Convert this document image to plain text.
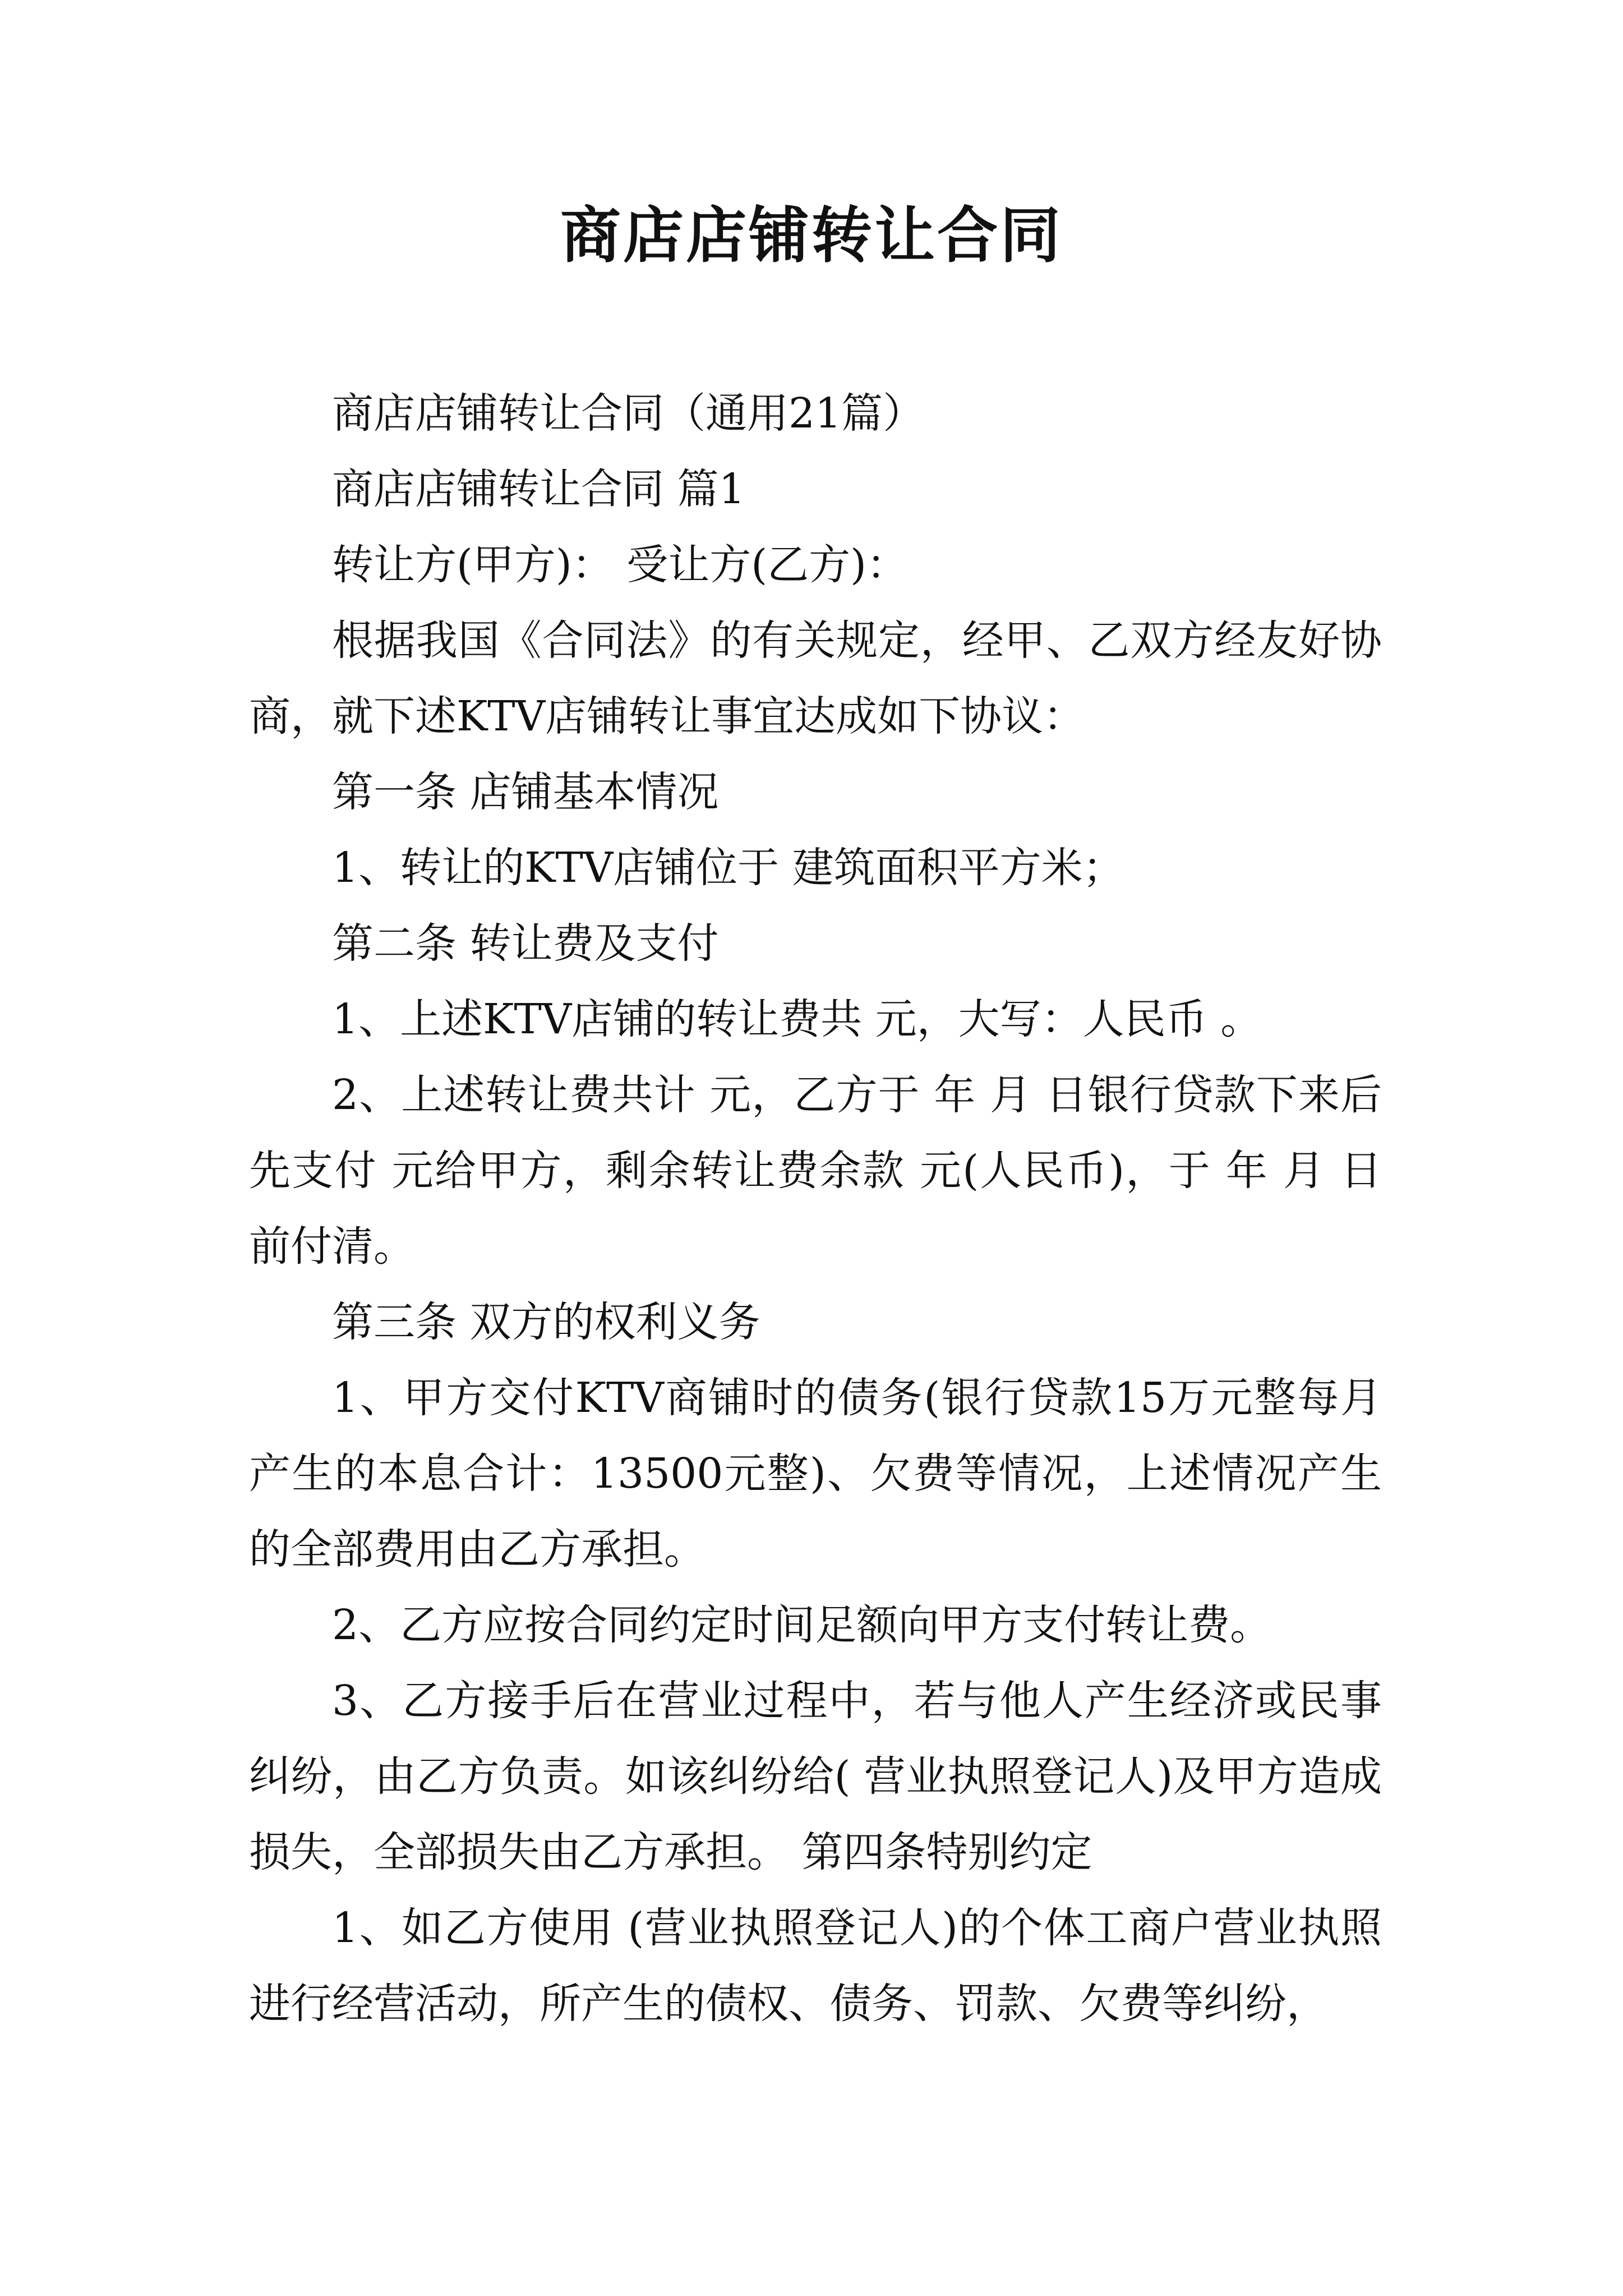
商店店铺转让合同

商店店铺转让合同（通用21篇）

商店店铺转让合同 篇1

转让方(甲方)： 受让方(乙方)：

根据我国《合同法》的有关规定，经甲、乙双方经友好协商，就下述KTV店铺转让事宜达成如下协议：

第一条 店铺基本情况

1、转让的KTV店铺位于 建筑面积平方米；

第二条 转让费及支付

1、上述KTV店铺的转让费共 元，大写：人民币 。

2、上述转让费共计 元，乙方于 年 月 日银行贷款下来后先支付 元给甲方，剩余转让费余款 元(人民币)，于 年 月 日前付清。

第三条 双方的权利义务

1、甲方交付KTV商铺时的债务(银行贷款15万元整每月产生的本息合计：13500元整)、欠费等情况，上述情况产生的全部费用由乙方承担。

2、乙方应按合同约定时间足额向甲方支付转让费。

3、乙方接手后在营业过程中，若与他人产生经济或民事纠纷，由乙方负责。如该纠纷给( 营业执照登记人)及甲方造成损失，全部损失由乙方承担。 第四条特别约定

1、如乙方使用 (营业执照登记人)的个体工商户营业执照进行经营活动，所产生的债权、债务、罚款、欠费等纠纷，
